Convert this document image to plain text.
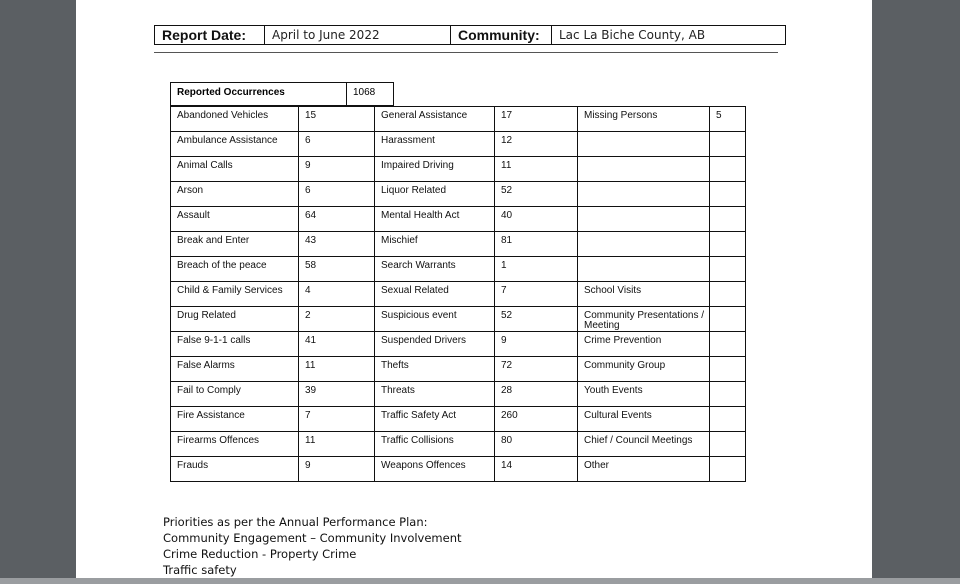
Report Date: April to June 2022	Community: Lac La Biche County, AB
Reported Occurrences	1068
Abandoned Vehicles	15	General Assistance	17	Missing Persons	5
Ambulance Assistance	6	Harassment	12		
Animal Calls	9	Impaired Driving	11		
Arson	6	Liquor Related	52		
Assault	64	Mental Health Act	40		
Break and Enter	43	Mischief	81		
Breach of the peace	58	Search Warrants	1		
Child & Family Services	4	Sexual Related	7	School Visits	
Drug Related	2	Suspicious event	52	Community Presentations / Meeting	
False 9-1-1 calls	41	Suspended Drivers	9	Crime Prevention	
False Alarms	11	Thefts	72	Community Group	
Fail to Comply	39	Threats	28	Youth Events	
Fire Assistance	7	Traffic Safety Act	260	Cultural Events	
Firearms Offences	11	Traffic Collisions	80	Chief / Council Meetings	
Frauds	9	Weapons Offences	14	Other	
Priorities as per the Annual Performance Plan:
Community Engagement – Community Involvement
Crime Reduction - Property Crime
Traffic safety
